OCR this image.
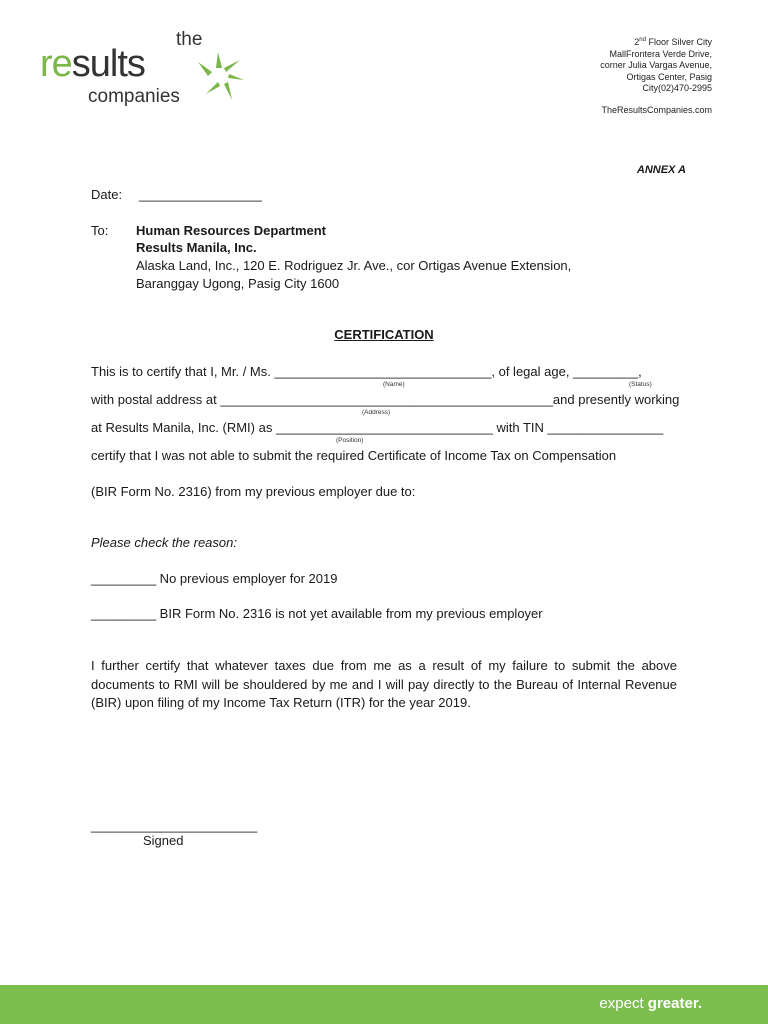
the
results
companies
2nd Floor Silver City
MallFrontera Verde Drive,
corner Julia Vargas Avenue,
Ortigas Center, Pasig
City(02)470-2995
TheResultsCompanies.com
ANNEX A
Date: _________________
To: Human Resources Department
Results Manila, Inc.
Alaska Land, Inc., 120 E. Rodriguez Jr. Ave., cor Ortigas Avenue Extension,
Baranggay Ugong, Pasig City 1600
CERTIFICATION
This is to certify that I, Mr. / Ms. ______________________________, of legal age, _________,
(Name)	(Status)
with postal address at ______________________________________________and presently working
(Address)
at Results Manila, Inc. (RMI) as ______________________________ with TIN ________________
(Position)
certify that I was not able to submit the required Certificate of Income Tax on Compensation
(BIR Form No. 2316) from my previous employer due to:
Please check the reason:
_________ No previous employer for 2019
_________ BIR Form No. 2316 is not yet available from my previous employer
I further certify that whatever taxes due from me as a result of my failure to submit the above documents to RMI will be shouldered by me and I will pay directly to the Bureau of Internal Revenue (BIR) upon filing of my Income Tax Return (ITR) for the year 2019.
_______________________
Signed
expect greater.
